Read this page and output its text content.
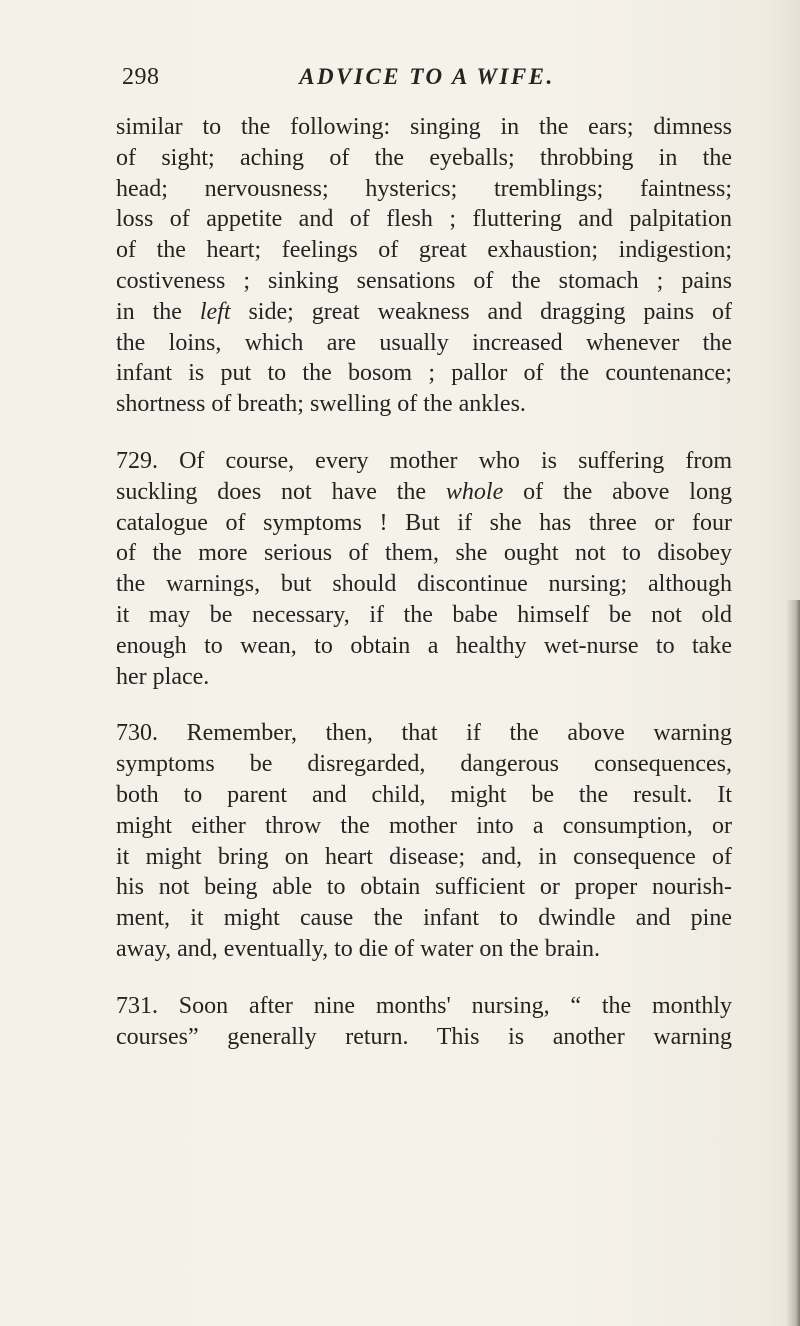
298	ADVICE TO A WIFE.
similar to the following: singing in the ears; dimness
of sight; aching of the eyeballs; throbbing in the
head; nervousness; hysterics; tremblings; faintness;
loss of appetite and of flesh ; fluttering and palpitation
of the heart; feelings of great exhaustion; indigestion;
costiveness ; sinking sensations of the stomach ; pains
in the left side; great weakness and dragging pains of
the loins, which are usually increased whenever the
infant is put to the bosom ; pallor of the countenance;
shortness of breath; swelling of the ankles.
729. Of course, every mother who is suffering from
suckling does not have the whole of the above long
catalogue of symptoms ! But if she has three or four
of the more serious of them, she ought not to disobey
the warnings, but should discontinue nursing; although
it may be necessary, if the babe himself be not old
enough to wean, to obtain a healthy wet-nurse to take
her place.
730. Remember, then, that if the above warning
symptoms be disregarded, dangerous consequences,
both to parent and child, might be the result. It
might either throw the mother into a consumption, or
it might bring on heart disease; and, in consequence of
his not being able to obtain sufficient or proper nourish-
ment, it might cause the infant to dwindle and pine
away, and, eventually, to die of water on the brain.
731. Soon after nine months' nursing, “ the monthly
courses” generally return. This is another warning
